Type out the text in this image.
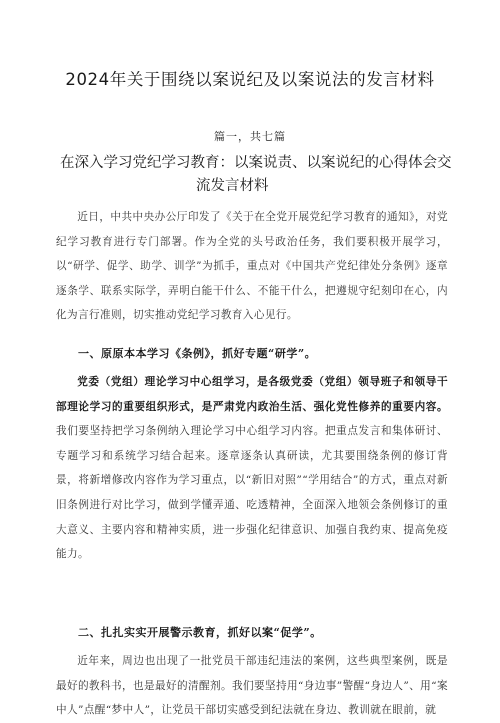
2024年关于围绕以案说纪及以案说法的发言材料
篇一，共七篇
在深入学习党纪学习教育：以案说责、以案说纪的心得体会交
流发言材料

近日，中共中央办公厅印发了《关于在全党开展党纪学习教育的通知》，对党纪学习教育进行专门部署。作为全党的头号政治任务，我们要积极开展学习，以“研学、促学、助学、训学”为抓手，重点对《中国共产党纪律处分条例》逐章逐条学、联系实际学，弄明白能干什么、不能干什么，把遵规守纪刻印在心，内化为言行准则，切实推动党纪学习教育入心见行。

一、原原本本学习《条例》，抓好专题“研学”。

党委（党组）理论学习中心组学习，是各级党委（党组）领导班子和领导干部理论学习的重要组织形式，是严肃党内政治生活、强化党性修养的重要内容。我们要坚持把学习条例纳入理论学习中心组学习内容。把重点发言和集体研讨、专题学习和系统学习结合起来。逐章逐条认真研读，尤其要围绕条例的修订背景，将新增修改内容作为学习重点，以“新旧对照”“学用结合”的方式，重点对新旧条例进行对比学习，做到学懂弄通、吃透精神，全面深入地领会条例修订的重大意义、主要内容和精神实质，进一步强化纪律意识、加强自我约束、提高免疫能力。

二、扎扎实实开展警示教育，抓好以案“促学”。

近年来，周边也出现了一批党员干部违纪违法的案例，这些典型案例，既是最好的教科书，也是最好的清醒剂。我们要坚持用“身边事”警醒“身边人”、用“案中人”点醒“梦中人”，让党员干部切实感受到纪法就在身边、教训就在眼前，就
